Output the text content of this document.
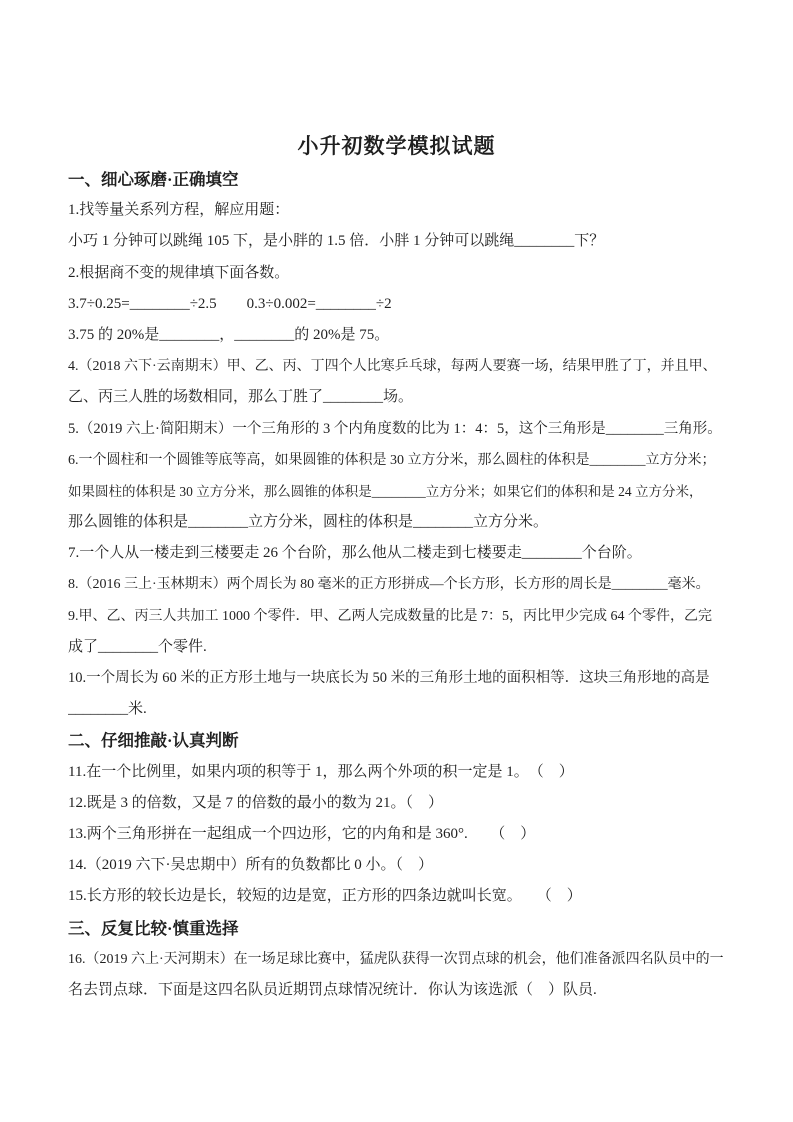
小升初数学模拟试题
一、细心琢磨·正确填空
1.找等量关系列方程，解应用题：
小巧 1 分钟可以跳绳 105 下，是小胖的 1.5 倍．小胖 1 分钟可以跳绳________下？
2.根据商不变的规律填下面各数。
3.7÷0.25=________÷2.5　　0.3÷0.002=________÷2
3.75 的 20%是________，________的 20%是 75。
4.（2018 六下·云南期末）甲、乙、丙、丁四个人比寒乒乓球，每两人要赛一场，结果甲胜了丁，并且甲、
乙、丙三人胜的场数相同，那么丁胜了________场。
5.（2019 六上·简阳期末）一个三角形的 3 个内角度数的比为 1：4：5，这个三角形是________三角形。
6.一个圆柱和一个圆锥等底等高，如果圆锥的体积是 30 立方分米，那么圆柱的体积是________立方分米；
如果圆柱的体积是 30 立方分米，那么圆锥的体积是________立方分米；如果它们的体积和是 24 立方分米，
那么圆锥的体积是________立方分米，圆柱的体积是________立方分米。
7.一个人从一楼走到三楼要走 26 个台阶，那么他从二楼走到七楼要走________个台阶。
8.（2016 三上·玉林期末）两个周长为 80 毫米的正方形拼成—个长方形，长方形的周长是________毫米。
9.甲、乙、丙三人共加工 1000 个零件．甲、乙两人完成数量的比是 7：5，丙比甲少完成 64 个零件，乙完
成了________个零件.
10.一个周长为 60 米的正方形土地与一块底长为 50 米的三角形土地的面积相等．这块三角形地的高是
________米.
二、仔细推敲·认真判断
11.在一个比例里，如果内项的积等于 1，那么两个外项的积一定是 1。　（　）
12.既是 3 的倍数，又是 7 的倍数的最小的数为 21。（　）
13.两个三角形拼在一起组成一个四边形，它的内角和是 360°.　　（　）
14.（2019 六下·吴忠期中）所有的负数都比 0 小。（　）
15.长方形的较长边是长，较短的边是宽，正方形的四条边就叫长宽。　　（　）
三、反复比较·慎重选择
16.（2019 六上·天河期末）在一场足球比赛中，猛虎队获得一次罚点球的机会，他们准备派四名队员中的一
名去罚点球．下面是这四名队员近期罚点球情况统计．你认为该选派（　）队员.
